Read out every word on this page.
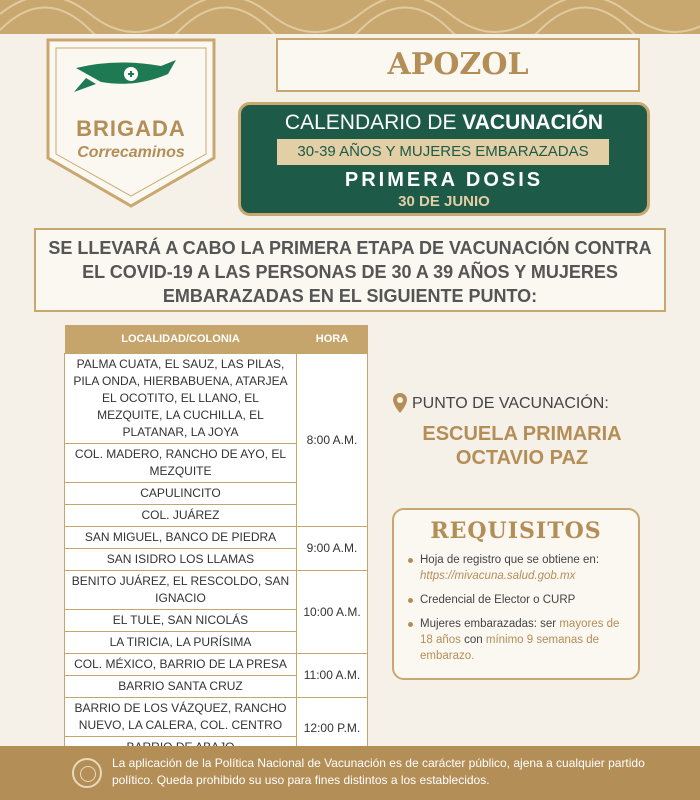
BRIGADA
Correcaminos
APOZOL
CALENDARIO DE VACUNACIÓN
30-39 AÑOS Y MUJERES EMBARAZADAS
PRIMERA DOSIS
30 DE JUNIO

SE LLEVARÁ A CABO LA PRIMERA ETAPA DE VACUNACIÓN CONTRA EL COVID-19 A LAS PERSONAS DE 30 A 39 AÑOS Y MUJERES EMBARAZADAS EN EL SIGUIENTE PUNTO:

LOCALIDAD/COLONIA	HORA
PALMA CUATA, EL SAUZ, LAS PILAS, PILA ONDA, HIERBABUENA, ATARJEA EL OCOTITO, EL LLANO, EL MEZQUITE, LA CUCHILLA, EL PLATANAR, LA JOYA	8:00 A.M.
COL. MADERO, RANCHO DE AYO, EL MEZQUITE	
CAPULINCITO	
COL. JUÁREZ	
SAN MIGUEL, BANCO DE PIEDRA	9:00 A.M.
SAN ISIDRO LOS LLAMAS	
BENITO JUÁREZ, EL RESCOLDO, SAN IGNACIO	10:00 A.M.
EL TULE, SAN NICOLÁS	
LA TIRICIA, LA PURÍSIMA	
COL. MÉXICO, BARRIO DE LA PRESA	11:00 A.M.
BARRIO SANTA CRUZ	
BARRIO DE LOS VÁZQUEZ, RANCHO NUEVO, LA CALERA, COL. CENTRO	12:00 P.M.

PUNTO DE VACUNACIÓN:
ESCUELA PRIMARIA
OCTAVIO PAZ
REQUISITOS
Hoja de registro que se obtiene en: https://mivacuna.salud.gob.mx
Credencial de Elector o CURP
Mujeres embarazadas: ser mayores de 18 años con mínimo 9 semanas de embarazo.
La aplicación de la Política Nacional de Vacunación es de carácter público, ajena a cualquier partido político. Queda prohibido su uso para fines distintos a los establecidos.
